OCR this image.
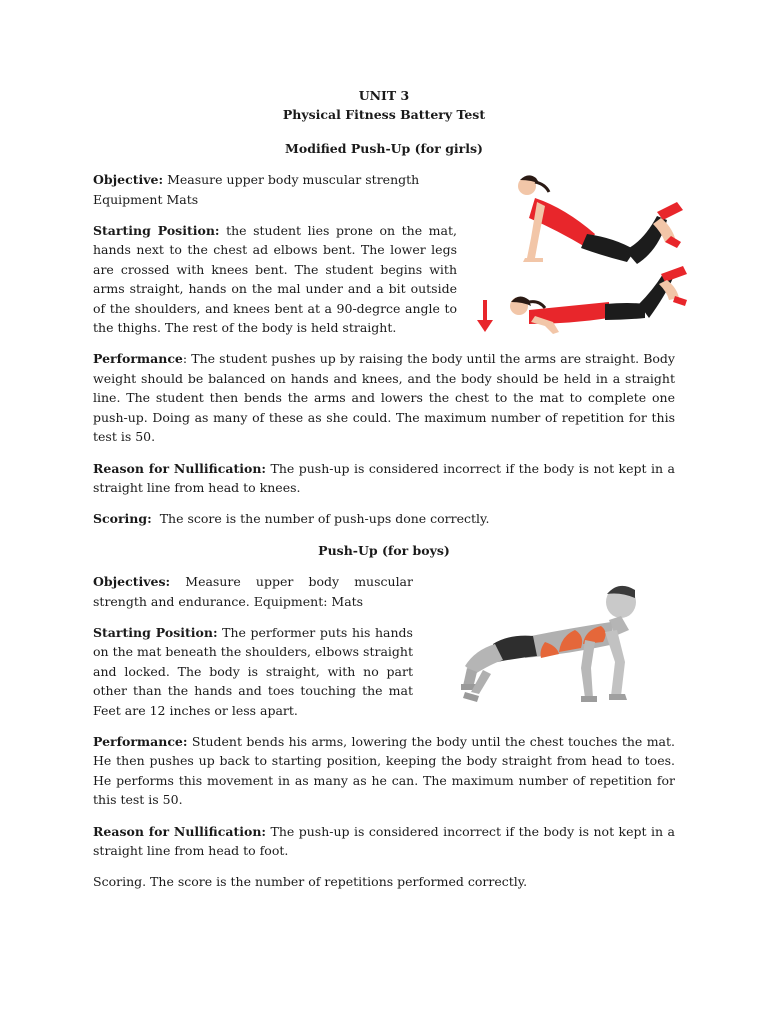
UNIT 3

Physical Fitness Battery Test

Modified Push-Up (for girls)

Objective: Measure upper body muscular strength

Equipment Mats

Starting Position: the student lies prone on the mat, hands next to the chest ad elbows bent. The lower legs are crossed with knees bent. The student begins with arms straight, hands on the mal under and a bit outside of the shoulders, and knees bent at a 90-degrce angle to the thighs. The rest of the body is held straight.

Performance: The student pushes up by raising the body until the arms are straight. Body weight should be balanced on hands and knees, and the body should be held in a straight line. The student then bends the arms and lowers the chest to the mat to complete one push-up. Doing as many of these as she could. The maximum number of repetition for this test is 50.

Reason for Nullification: The push-up is considered incorrect if the body is not kept in a straight line from head to knees.

Scoring: The score is the number of push-ups done correctly.

Push-Up (for boys)

Objectives: Measure upper body muscular strength and endurance. Equipment: Mats

Starting Position: The performer puts his hands on the mat beneath the shoulders, elbows straight and locked. The body is straight, with no part other than the hands and toes touching the mat Feet are 12 inches or less apart.

Performance: Student bends his arms, lowering the body until the chest touches the mat. He then pushes up back to starting position, keeping the body straight from head to toes. He performs this movement in as many as he can. The maximum number of repetition for this test is 50.

Reason for Nullification: The push-up is considered incorrect if the body is not kept in a straight line from head to foot.

Scoring. The score is the number of repetitions performed correctly.
